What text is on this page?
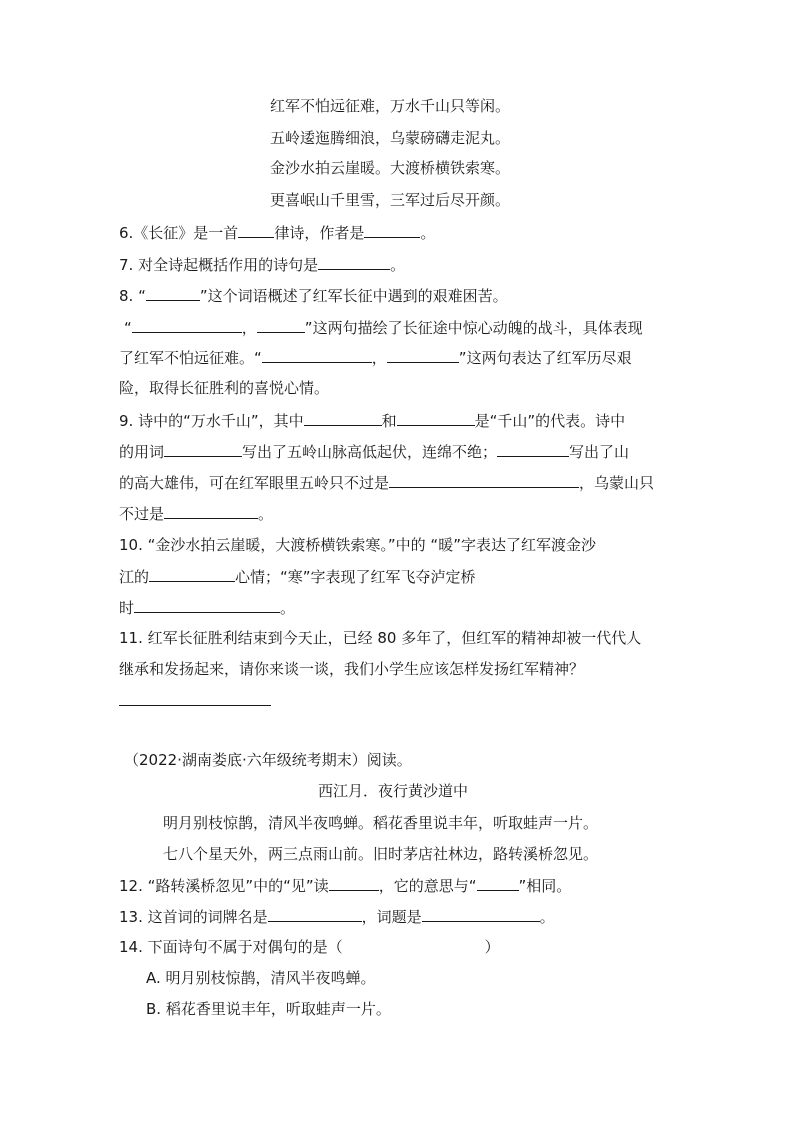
红军不怕远征难，万水千山只等闲。
五岭逶迤腾细浪，乌蒙磅礴走泥丸。
金沙水拍云崖暖。大渡桥横铁索寒。
更喜岷山千里雪，三军过后尽开颜。
6.《长征》是一首 律诗，作者是	。
7. 对全诗起概括作用的诗句是	。
8. “	”这个词语概述了红军长征中遇到的艰难困苦。
“	，	”这两句描绘了长征途中惊心动魄的战斗，具体表现
了红军不怕远征难。“	，	”这两句表达了红军历尽艰
险，取得长征胜利的喜悦心情。
9. 诗中的“万水千山”，其中	和	是“千山”的代表。诗中
的用词	写出了五岭山脉高低起伏，连绵不绝；	写出了山
的高大雄伟，可在红军眼里五岭只不过是	，乌蒙山只
不过是	。
10. “金沙水拍云崖暖，大渡桥横铁索寒。”中的 “暖”字表达了红军渡金沙
江的	心情；“寒”字表现了红军飞夺泸定桥
时	。
11. 红军长征胜利结束到今天止，已经 80 多年了，但红军的精神却被一代代人
继承和发扬起来，请你来谈一谈，我们小学生应该怎样发扬红军精神？
（2022·湖南娄底·六年级统考期末）阅读。
西江月．夜行黄沙道中
明月别枝惊鹊，清风半夜鸣蝉。稻花香里说丰年，听取蛙声一片。
七八个星天外，两三点雨山前。旧时茅店社林边，路转溪桥忽见。
12. “路转溪桥忽见”中的“见”读	，它的意思与“	”相同。
13. 这首词的词牌名是	，词题是	。
14. 下面诗句不属于对偶句的是（	）
A. 明月别枝惊鹊，清风半夜鸣蝉。
B. 稻花香里说丰年，听取蛙声一片。
